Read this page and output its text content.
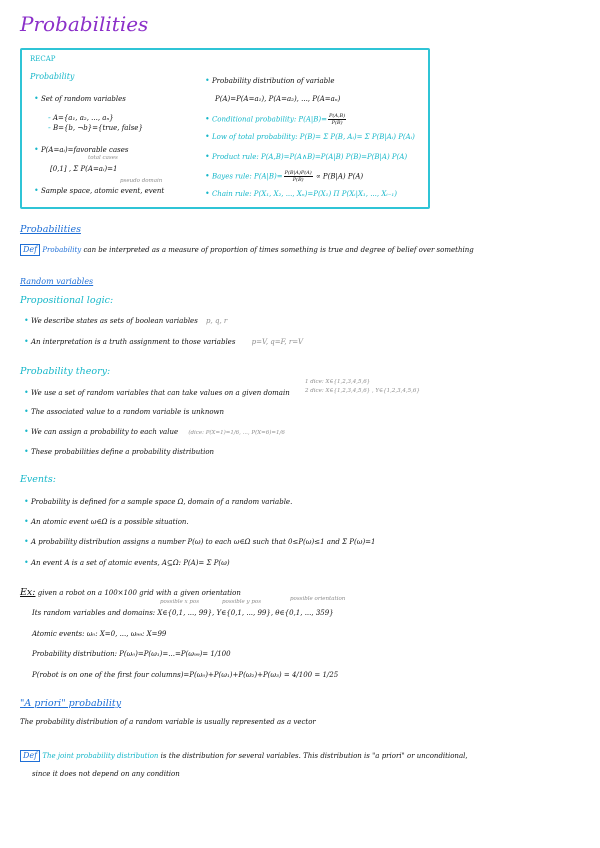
Probabilities
RECAP
Probability
• Set of random variables
- A={a₁, a₂, ..., aₙ}
- B={b, ¬b}={true, false}
• P(A=aᵢ)=favorable cases
total cases
[0,1] , Σ P(A=aᵢ)=1
pseudo domain
• Sample space, atomic event, event
• Probability distribution of variable
P(A)=P(A=a₁), P(A=a₂), ..., P(A=aₙ)
• Conditional probability: $P(A|B)= \frac{P(A,B)}{P(B)}$
• Low of total probability: P(B)= Σ P(B, Aᵢ)= Σ P(B|Aᵢ) P(Aᵢ)
• Product rule: P(A,B)=P(A∧B)=P(A|B) P(B)=P(B|A) P(A)
• Bayes rule: $P(A|B)= \frac{P(B|A)P(A)}{P(B)} \propto P(B|A)$ P(A)
• Chain rule: P(X₁, X₂, ..., Xₙ)=P(X₁) Π P(Xᵢ|X₁, ..., Xᵢ₋₁)
Probabilities
Def Probability can be interpreted as a measure of proportion of times something is true and degree of belief over something
Random variables
Propositional logic:
• We describe states as sets of boolean variables p, q, r
• An interpretation is a truth assignment to those variables p=V, q=F, r=V
Probability theory:
• We use a set of random variables that can take values on a given domain
1 dice: X∈{1,2,3,4,5,6}
2 dice: X∈{1,2,3,4,5,6} , Y∈{1,2,3,4,5,6}
• The associated value to a random variable is unknown
• We can assign a probability to each value (dice: P(X=1)=1/6, ..., P(X=6)=1/6
• These probabilities define a probability distribution
Events:
• Probability is defined for a sample space Ω, domain of a random variable.
• An atomic event ω∈Ω is a possible situation.
• A probability distribution assigns a number P(ω) to each ω∈Ω such that 0≤P(ω)≤1 and Σ P(ω)=1
• An event A is a set of atomic events, A⊆Ω: P(A)= Σ P(ω)
Ex: given a robot on a 100×100 grid with a given orientation
possible x pos	possible y pos	possible orientation
Its random variables and domains: X∈{0,1, ..., 99}, Y∈{0,1, ..., 99}, θ∈{0,1, ..., 359}
Atomic events: ω₀: X=0, ..., ω₉₉: X=99
Probability distribution: P(ω₀)=P(ω₁)=...=P(ω₉₉)= 1/100
P(robot is on one of the first four columns)=P(ω₀)+P(ω₁)+P(ω₂)+P(ω₃) = 4/100 = 1/25
"A priori" probability
The probability distribution of a random variable is usually represented as a vector
Def The joint probability distribution is the distribution for several variables. This distribution is "a priori" or unconditional,
since it does not depend on any condition
